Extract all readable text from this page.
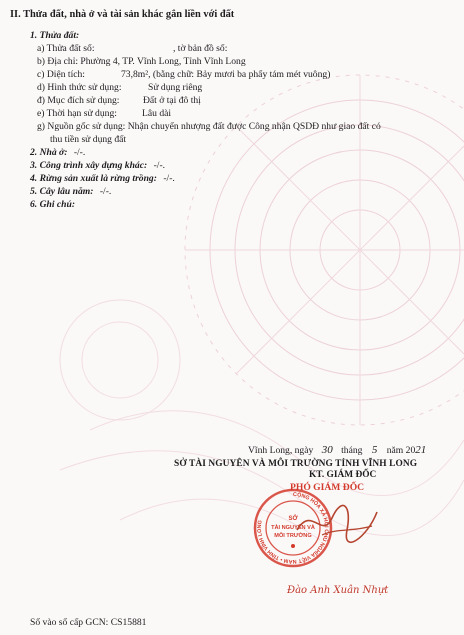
II. Thửa đất, nhà ở và tài sản khác gắn liền với đất
1. Thửa đất:
a) Thửa đất số:	, tờ bản đồ số:
b) Địa chỉ: Phường 4, TP. Vĩnh Long, Tỉnh Vĩnh Long
c) Diện tích:	73,8m², (bằng chữ: Bảy mươi ba phẩy tám mét vuông)
d) Hình thức sử dụng:	Sử dụng riêng
đ) Mục đích sử dụng: Đất ở tại đô thị
e) Thời hạn sử dụng:	Lâu dài
g) Nguồn gốc sử dụng: Nhận chuyển nhượng đất được Công nhận QSDĐ như giao đất có
thu tiền sử dụng đất
2. Nhà ở: -/-.
3. Công trình xây dựng khác: -/-.
4. Rừng sản xuất là rừng trồng: -/-.
5. Cây lâu năm: -/-.
6. Ghi chú:
Vĩnh Long, ngày 30 tháng 5 năm 2021
SỞ TÀI NGUYÊN VÀ MÔI TRƯỜNG TỈNH VĨNH LONG
KT. GIÁM ĐỐC
PHÓ GIÁM ĐỐC
CỘNG HÒA XÃ HỘI CHỦ NGHĨA VIỆT NAM • TỈNH VĨNH LONG
SỞ
TÀI NGUYÊN VÀ
MÔI TRƯỜNG
Đào Anh Xuân Nhựt
Số vào sổ cấp GCN: CS15881
